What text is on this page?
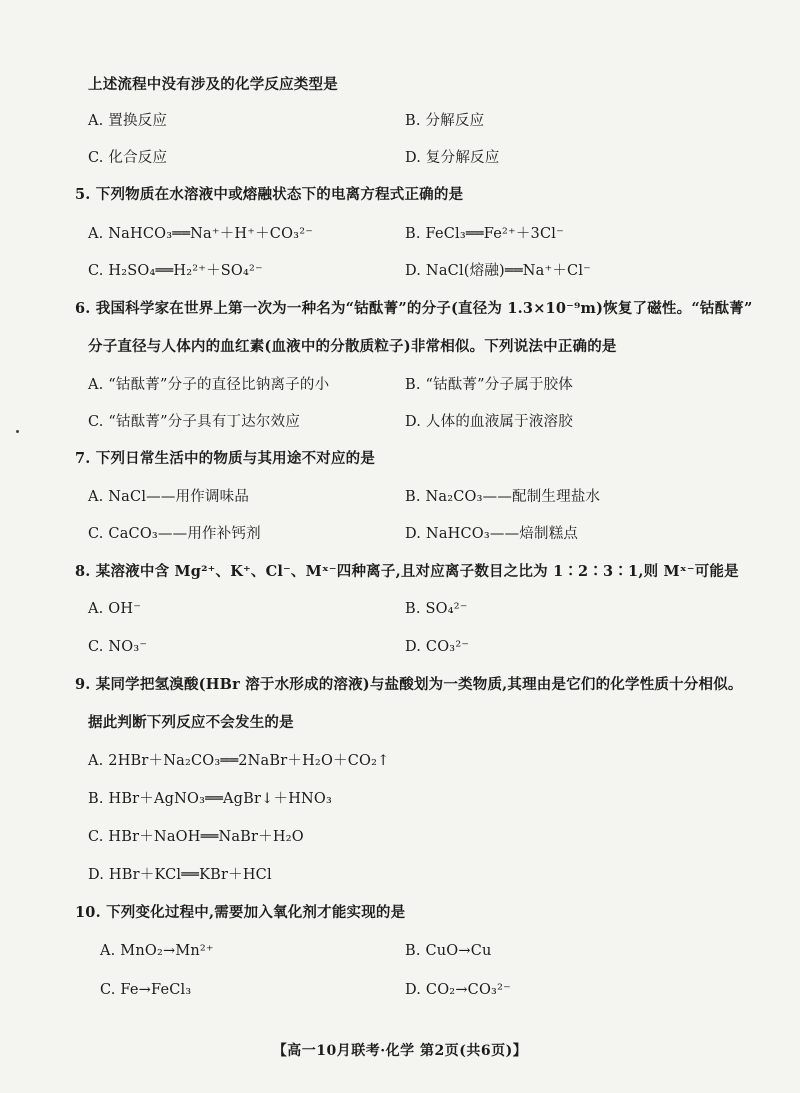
上述流程中没有涉及的化学反应类型是
A. 置换反应	B. 分解反应
C. 化合反应	D. 复分解反应
5. 下列物质在水溶液中或熔融状态下的电离方程式正确的是
A. NaHCO₃══Na⁺＋H⁺＋CO₃²⁻	B. FeCl₃══Fe²⁺＋3Cl⁻
C. H₂SO₄══H₂²⁺＋SO₄²⁻	D. NaCl(熔融)══Na⁺＋Cl⁻
6. 我国科学家在世界上第一次为一种名为“钴酞菁”的分子(直径为 1.3×10⁻⁹m)恢复了磁性。“钴酞菁”
分子直径与人体内的血红素(血液中的分散质粒子)非常相似。下列说法中正确的是
A. “钴酞菁”分子的直径比钠离子的小	B. “钴酞菁”分子属于胶体
C. “钴酞菁”分子具有丁达尔效应	D. 人体的血液属于液溶胶
7. 下列日常生活中的物质与其用途不对应的是
A. NaCl——用作调味品	B. Na₂CO₃——配制生理盐水
C. CaCO₃——用作补钙剂	D. NaHCO₃——焙制糕点
8. 某溶液中含 Mg²⁺、K⁺、Cl⁻、Mˣ⁻四种离子,且对应离子数目之比为 1∶2∶3∶1,则 Mˣ⁻可能是
A. OH⁻	B. SO₄²⁻
C. NO₃⁻	D. CO₃²⁻
9. 某同学把氢溴酸(HBr 溶于水形成的溶液)与盐酸划为一类物质,其理由是它们的化学性质十分相似。
据此判断下列反应不会发生的是
A. 2HBr＋Na₂CO₃══2NaBr＋H₂O＋CO₂↑
B. HBr＋AgNO₃══AgBr↓＋HNO₃
C. HBr＋NaOH══NaBr＋H₂O
D. HBr＋KCl══KBr＋HCl
10. 下列变化过程中,需要加入氧化剂才能实现的是
A. MnO₂→Mn²⁺	B. CuO→Cu
C. Fe→FeCl₃	D. CO₂→CO₃²⁻
【高一10月联考·化学 第2页(共6页)】
